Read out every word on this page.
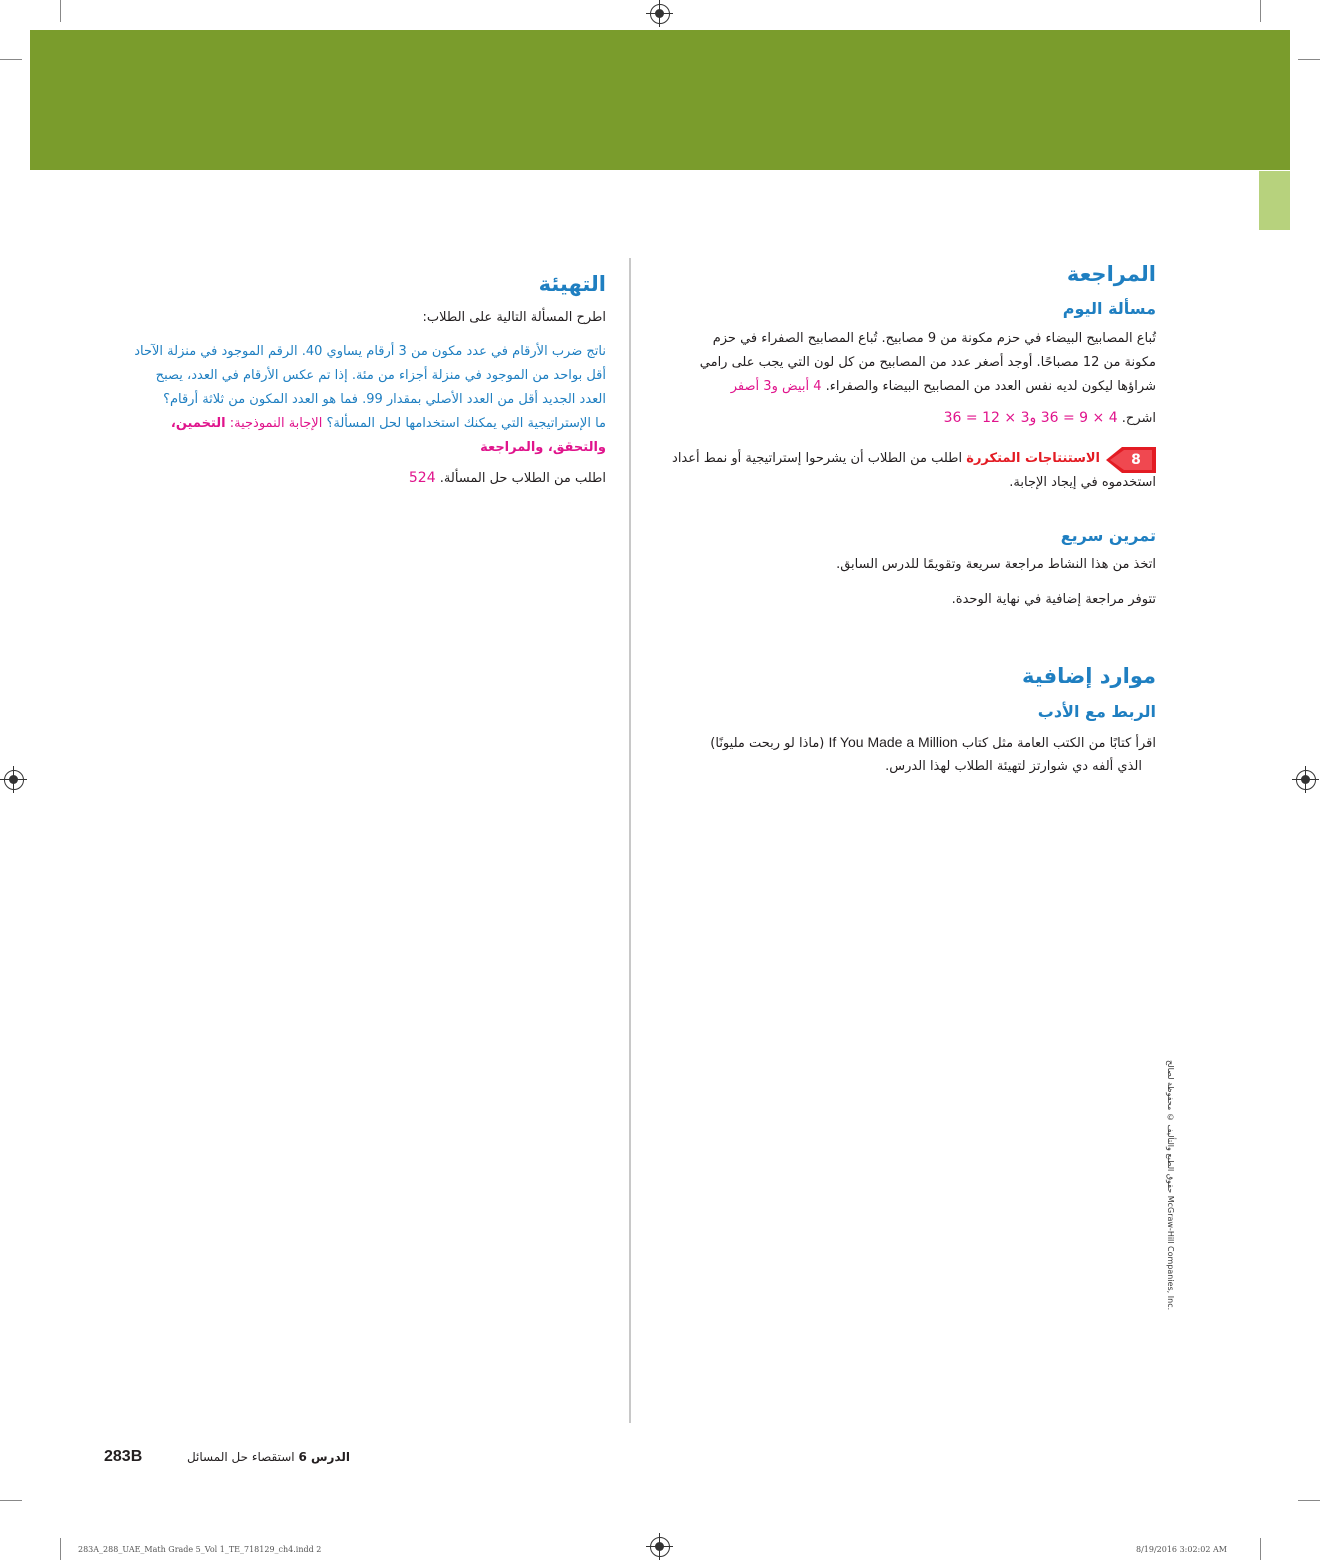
المراجعة
مسألة اليوم
تُباع المصابيح البيضاء في حزم مكونة من 9 مصابيح. تُباع المصابيح الصفراء في حزم
مكونة من 12 مصباحًا. أوجد أصغر عدد من المصابيح من كل لون التي يجب على رامي
شراؤها ليكون لديه نفس العدد من المصابيح البيضاء والصفراء. 4 أبيض و3 أصفر
اشرح. 4 × 9 = 36 و3 × 12 = 36
8
الاستنتاجات المتكررة اطلب من الطلاب أن يشرحوا إستراتيجية أو نمط أعداد
استخدموه في إيجاد الإجابة.
تمرين سريع
اتخذ من هذا النشاط مراجعة سريعة وتقويمًا للدرس السابق.
تتوفر مراجعة إضافية في نهاية الوحدة.
موارد إضافية
الربط مع الأدب
اقرأ كتابًا من الكتب العامة مثل كتاب If You Made a Million (ماذا لو ربحت مليونًا)
الذي ألفه دي شوارتز لتهيئة الطلاب لهذا الدرس.
التهيئة
اطرح المسألة التالية على الطلاب:
ناتج ضرب الأرقام في عدد مكون من 3 أرقام يساوي 40. الرقم الموجود في منزلة الآحاد
أقل بواحد من الموجود في منزلة أجزاء من مئة. إذا تم عكس الأرقام في العدد، يصبح
العدد الجديد أقل من العدد الأصلي بمقدار 99. فما هو العدد المكون من ثلاثة أرقام؟
ما الإستراتيجية التي يمكنك استخدامها لحل المسألة؟ الإجابة النموذجية: التخمين،
والتحقق، والمراجعة
اطلب من الطلاب حل المسألة. 524
حقوق الطبع والتأليف © محفوظة لصالح McGraw-Hill Companies, Inc.
283B	الدرس 6 استقصاء حل المسائل
283A_288_UAE_Math Grade 5_Vol 1_TE_718129_ch4.indd 2	8/19/2016 3:02:02 AM
